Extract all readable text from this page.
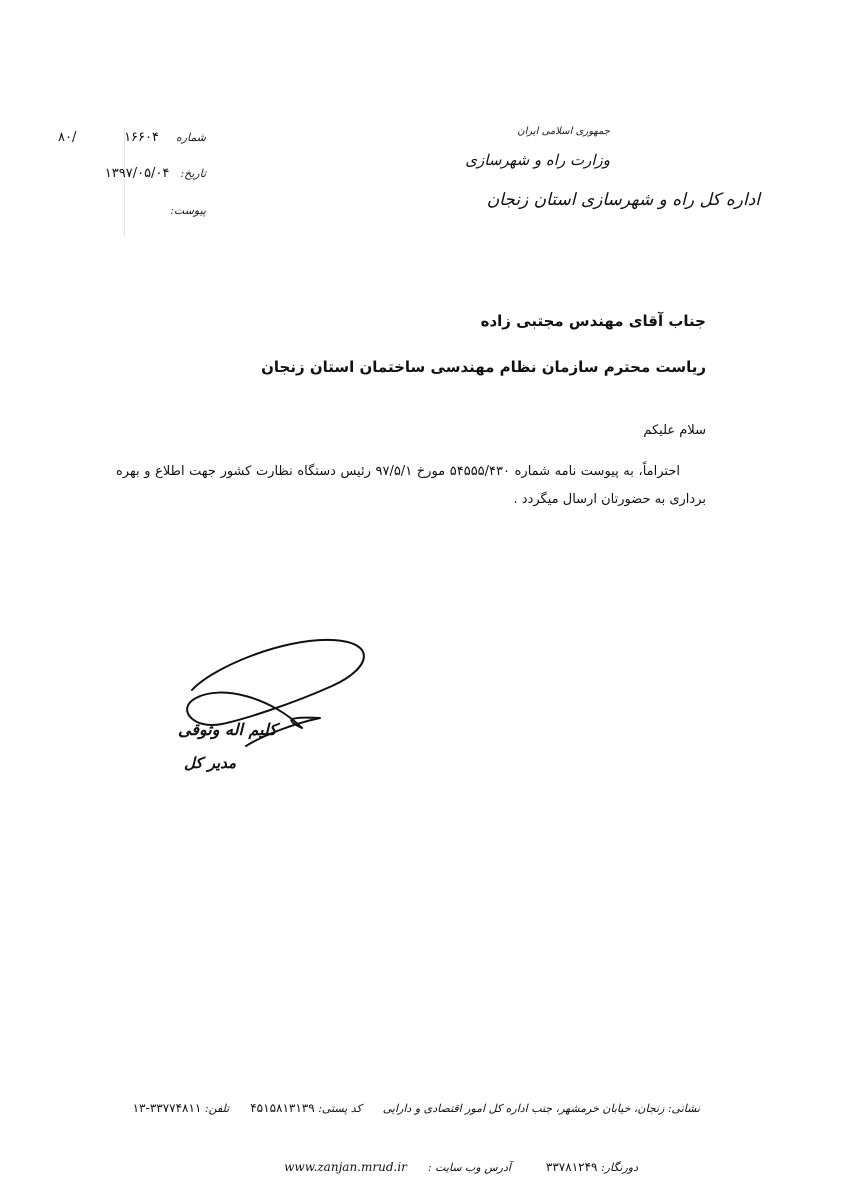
جمهوری اسلامی ایران
وزارت راه و شهرسازی
اداره کل راه و شهرسازی استان زنجان
۸۰/	شماره  ۱۶۶۰۴
تاریخ:  ۱۳۹۷/۰۵/۰۴
پیوست:
جناب آقای مهندس مجتبی زاده
ریاست محترم سازمان نظام مهندسی ساختمان استان زنجان
سلام علیکم
احتراماً، به پیوست نامه شماره ۵۴۵۵۵/۴۳۰ مورخ ۹۷/۵/۱ رئیس دستگاه نظارت کشور جهت اطلاع و بهره برداری به حضورتان ارسال میگردد .
کلیم اله وثوقی
مدیر کل
نشانی: زنجان، خیابان خرمشهر، جنب اداره کل امور اقتصادی و دارایی  کد پستی: ۴۵۱۵۸۱۳۱۳۹  تلفن: ۳۳۷۷۴۸۱۱-۱۳
دورنگار: ۳۳۷۸۱۲۴۹  آدرس وب سایت :  www.zanjan.mrud.ir
